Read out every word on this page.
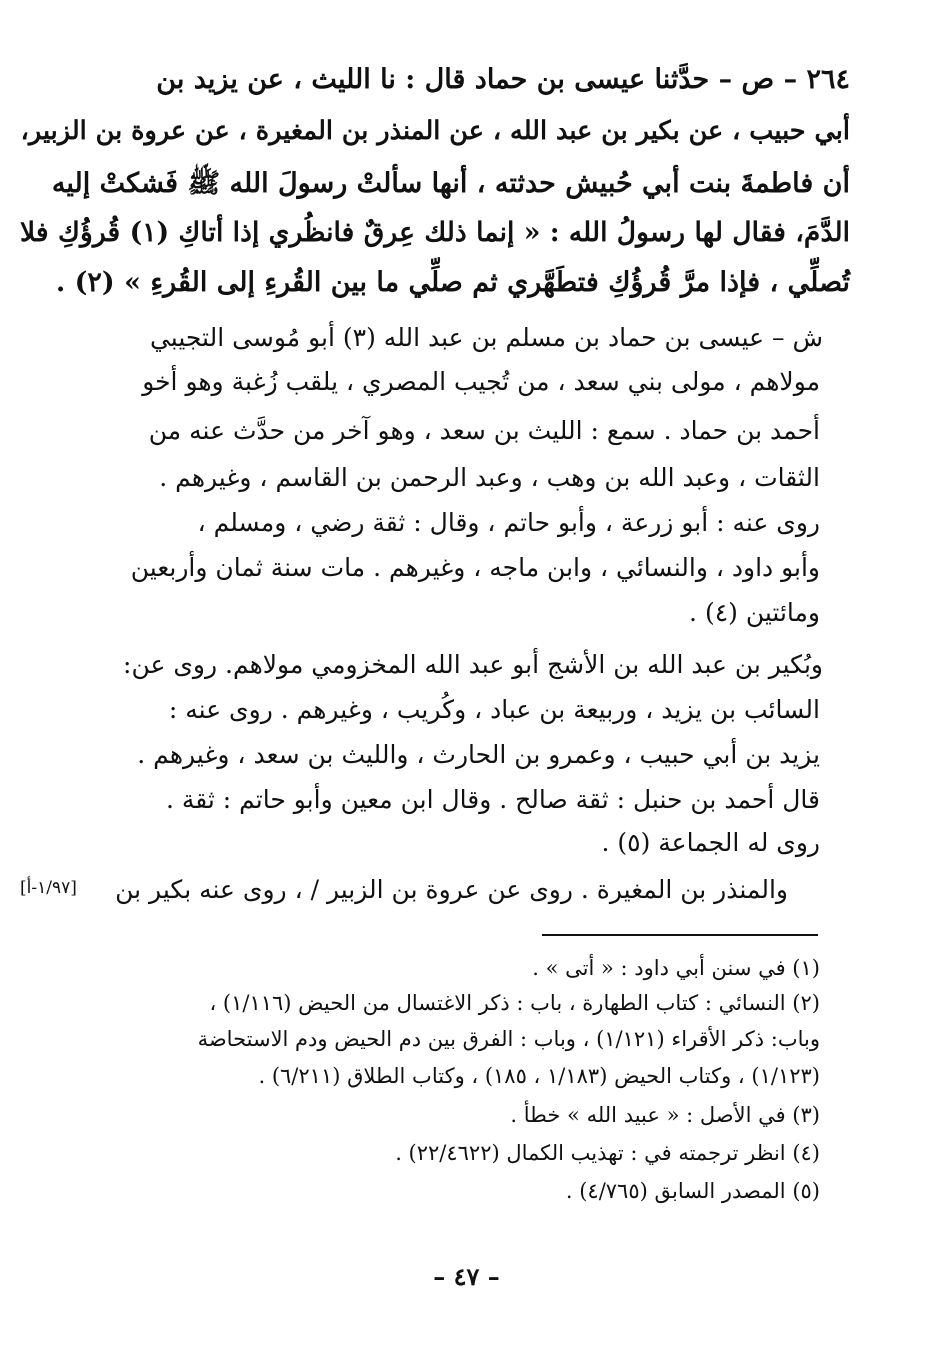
٢٦٤ – ص – حدَّثنا عيسى بن حماد قال : نا الليث ، عن يزيد بن
أبي حبيب ، عن بكير بن عبد الله ، عن المنذر بن المغيرة ، عن عروة بن الزبير،
أن فاطمةَ بنت أبي حُبيش حدثته ، أنها سألتْ رسولَ الله ﷺ فَشكتْ إليه
الدَّمَ، فقال لها رسولُ الله : « إنما ذلك عِرقٌ فانظُري إذا أتاكِ (١) قُرؤُكِ فلا
تُصلِّي ، فإذا مرَّ قُرؤُكِ فتطَهَّري ثم صلِّي ما بين القُرءِ إلى القُرءِ » (٢) .
ش – عيسى بن حماد بن مسلم بن عبد الله (٣) أبو مُوسى التجيبي
مولاهم ، مولى بني سعد ، من تُجيب المصري ، يلقب زُغبة وهو أخو
أحمد بن حماد . سمع : الليث بن سعد ، وهو آخر من حدَّث عنه من
الثقات ، وعبد الله بن وهب ، وعبد الرحمن بن القاسم ، وغيرهم .
روى عنه : أبو زرعة ، وأبو حاتم ، وقال : ثقة رضي ، ومسلم ،
وأبو داود ، والنسائي ، وابن ماجه ، وغيرهم . مات سنة ثمان وأربعين
ومائتين (٤) .
وبُكير بن عبد الله بن الأشج أبو عبد الله المخزومي مولاهم. روى عن:
السائب بن يزيد ، وربيعة بن عباد ، وكُريب ، وغيرهم . روى عنه :
يزيد بن أبي حبيب ، وعمرو بن الحارث ، والليث بن سعد ، وغيرهم .
قال أحمد بن حنبل : ثقة صالح . وقال ابن معين وأبو حاتم : ثقة .
روى له الجماعة (٥) .
والمنذر بن المغيرة . روى عن عروة بن الزبير / ، روى عنه بكير بن
[١/٩٧-أ]
(١) في سنن أبي داود : « أتى » .
(٢) النسائي : كتاب الطهارة ، باب : ذكر الاغتسال من الحيض (١/١١٦) ،
وباب: ذكر الأقراء (١/١٢١) ، وباب : الفرق بين دم الحيض ودم الاستحاضة
(١/١٢٣) ، وكتاب الحيض (١/١٨٣ ، ١٨٥) ، وكتاب الطلاق (٦/٢١١) .
(٣) في الأصل : « عبيد الله » خطأ .
(٤) انظر ترجمته في : تهذيب الكمال (٢٢/٤٦٢٢) .
(٥) المصدر السابق (٤/٧٦٥) .
– ٤٧ –
